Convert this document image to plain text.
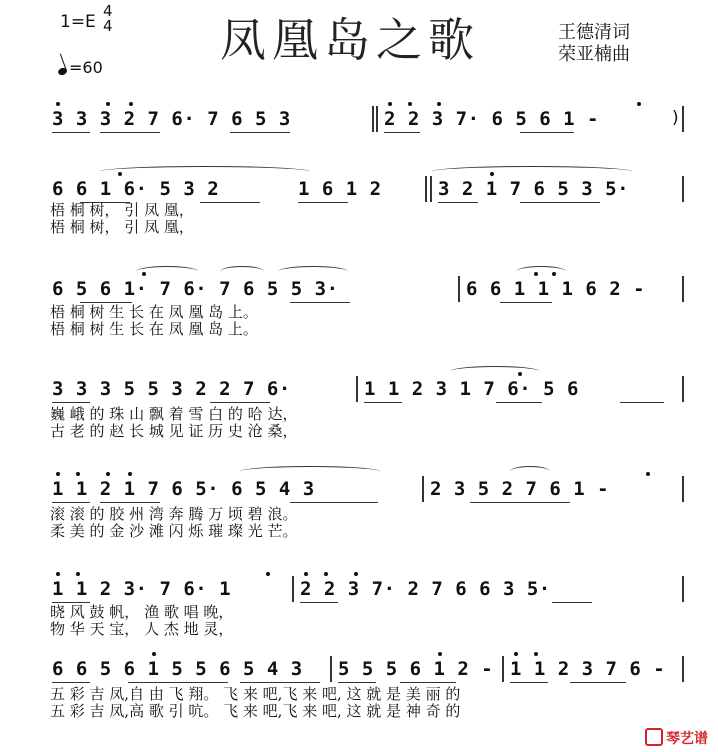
1=E
4
4
=60
凤凰岛之歌	王德清词
荣亚楠曲
3 3 3 2 7 6· 7 6 5 3	2 2 3 7· 6 5 6 1 -	)
6 6 1 6· 5 3 2	1 6 1 2	3 2 1 7 6 5 3 5·
梧 桐 树， 引 凤 凰，
梧 桐 树， 引 凤 凰，
6 5 6 1· 7 6· 7 6 5 5 3·	6 6 1 1 1 6 2 -
梧 桐 树 生 长 在 凤 凰 岛 上。
梧 桐 树 生 长 在 凤 凰 岛 上。
3 3 3 5 5 3 2 2 7 6·	1 1 2 3 1 7 6· 5 6
巍 峨 的 珠 山 飘 着 雪 白 的 哈 达，
古 老 的 赵 长 城 见 证 历 史 沧 桑，
1 1 2 1 7 6 5· 6 5 4 3	2 3 5 2 7 6 1 -
滚 滚 的 胶 州 湾 奔 腾 万 顷 碧 浪。
柔 美 的 金 沙 滩 闪 烁 璀 璨 光 芒。
1 1 2 3· 7 6· 1	2 2 3 7· 2 7 6 6 3 5·
晓 风 鼓 帆， 渔 歌 唱 晚，
物 华 天 宝， 人 杰 地 灵，
6 6 5 6 1 5 5 6 5 4 3 5 5 5 6 1 2 - 1 1 2 3 7 6 -
五 彩 吉 凤,自 由 飞 翔。 飞 来 吧,飞 来 吧, 这 就 是 美 丽 的
五 彩 吉 凤,高 歌 引 吭。 飞 来 吧,飞 来 吧, 这 就 是 神 奇 的
琴艺谱
